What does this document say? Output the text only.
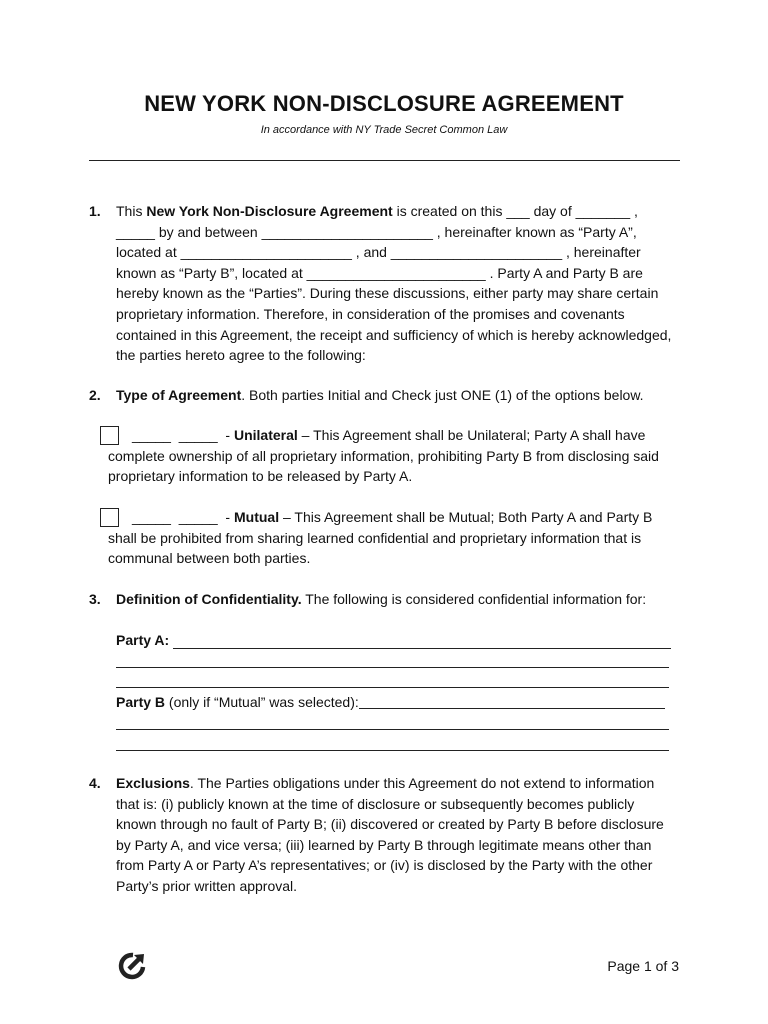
NEW YORK NON-DISCLOSURE AGREEMENT
In accordance with NY Trade Secret Common Law
1. This New York Non-Disclosure Agreement is created on this ___ day of _______ , _____ by and between ______________________ , hereinafter known as “Party A”, located at ______________________ , and ______________________ , hereinafter known as “Party B”, located at _______________________ . Party A and Party B are hereby known as the “Parties”. During these discussions, either party may share certain proprietary information. Therefore, in consideration of the promises and covenants contained in this Agreement, the receipt and sufficiency of which is hereby acknowledged, the parties hereto agree to the following:
2. Type of Agreement. Both parties Initial and Check just ONE (1) of the options below.
_____  _____  - Unilateral – This Agreement shall be Unilateral; Party A shall have complete ownership of all proprietary information, prohibiting Party B from disclosing said proprietary information to be released by Party A.
_____  _____  - Mutual – This Agreement shall be Mutual; Both Party A and Party B shall be prohibited from sharing learned confidential and proprietary information that is communal between both parties.
3. Definition of Confidentiality. The following is considered confidential information for:
Party A:
Party B (only if “Mutual” was selected):
4. Exclusions. The Parties obligations under this Agreement do not extend to information that is: (i) publicly known at the time of disclosure or subsequently becomes publicly known through no fault of Party B; (ii) discovered or created by Party B before disclosure by Party A, and vice versa; (iii) learned by Party B through legitimate means other than from Party A or Party A’s representatives; or (iv) is disclosed by the Party with the other Party’s prior written approval.
Page 1 of 3
